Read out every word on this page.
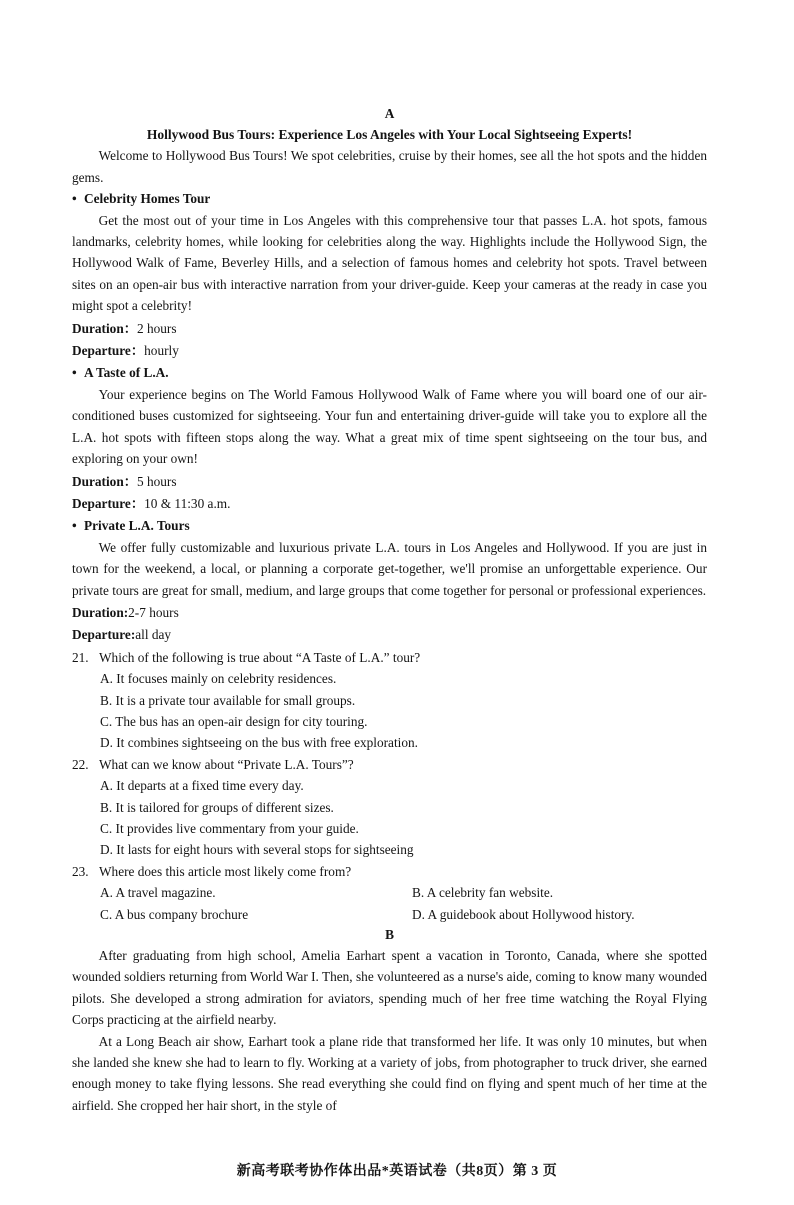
A
Hollywood Bus Tours: Experience Los Angeles with Your Local Sightseeing Experts!

Welcome to Hollywood Bus Tours! We spot celebrities, cruise by their homes, see all the hot spots and the hidden gems.

• Celebrity Homes Tour

Get the most out of your time in Los Angeles with this comprehensive tour that passes L.A. hot spots, famous landmarks, celebrity homes, while looking for celebrities along the way. Highlights include the Hollywood Sign, the Hollywood Walk of Fame, Beverley Hills, and a selection of famous homes and celebrity hot spots. Travel between sites on an open-air bus with interactive narration from your driver-guide. Keep your cameras at the ready in case you might spot a celebrity!

Duration：2 hours

Departure：hourly

• A Taste of L.A.

Your experience begins on The World Famous Hollywood Walk of Fame where you will board one of our air-conditioned buses customized for sightseeing. Your fun and entertaining driver-guide will take you to explore all the L.A. hot spots with fifteen stops along the way. What a great mix of time spent sightseeing on the tour bus, and exploring on your own!

Duration：5 hours

Departure：10 & 11:30 a.m.

• Private L.A. Tours

We offer fully customizable and luxurious private L.A. tours in Los Angeles and Hollywood. If you are just in town for the weekend, a local, or planning a corporate get-together, we'll promise an unforgettable experience. Our private tours are great for small, medium, and large groups that come together for personal or professional experiences.

Duration:2-7 hours

Departure:all day

21. Which of the following is true about “A Taste of L.A.” tour?

A. It focuses mainly on celebrity residences.
B. It is a private tour available for small groups.
C. The bus has an open-air design for city touring.
D. It combines sightseeing on the bus with free exploration.

22. What can we know about “Private L.A. Tours”?

A. It departs at a fixed time every day.
B. It is tailored for groups of different sizes.
C. It provides live commentary from your guide.
D. It lasts for eight hours with several stops for sightseeing

23. Where does this article most likely come from?

A. A travel magazine.	B. A celebrity fan website.
C. A bus company brochure	D. A guidebook about Hollywood history.
B

After graduating from high school, Amelia Earhart spent a vacation in Toronto, Canada, where she spotted wounded soldiers returning from World War I. Then, she volunteered as a nurse's aide, coming to know many wounded pilots. She developed a strong admiration for aviators, spending much of her free time watching the Royal Flying Corps practicing at the airfield nearby.

At a Long Beach air show, Earhart took a plane ride that transformed her life. It was only 10 minutes, but when she landed she knew she had to learn to fly. Working at a variety of jobs, from photographer to truck driver, she earned enough money to take flying lessons. She read everything she could find on flying and spent much of her time at the airfield. She cropped her hair short, in the style of

新高考联考协作体出品*英语试卷（共8页）第 3 页
